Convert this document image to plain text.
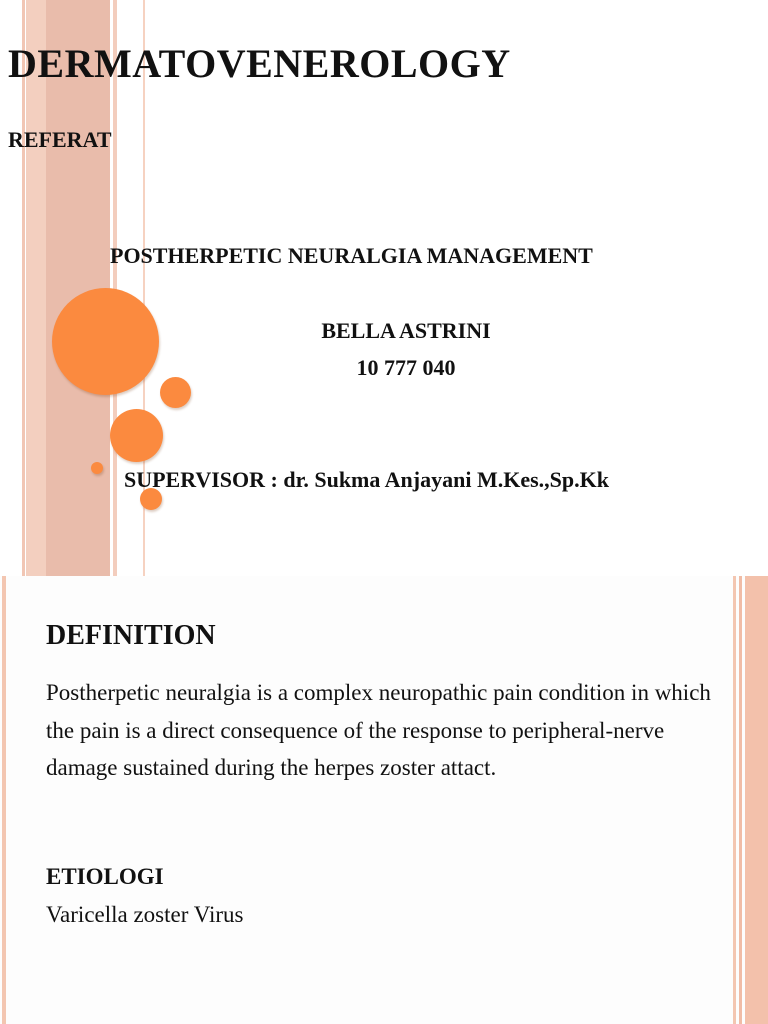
DERMATOVENEROLOGY
REFERAT

POSTHERPETIC NEURALGIA MANAGEMENT

BELLA ASTRINI

10 777 040

SUPERVISOR : dr. Sukma Anjayani M.Kes.,Sp.Kk

DEFINITION

Postherpetic neuralgia is a complex neuropathic pain condition in which the pain is a direct consequence of the response to peripheral-nerve damage sustained during the herpes zoster attact.

ETIOLOGI

Varicella zoster Virus
